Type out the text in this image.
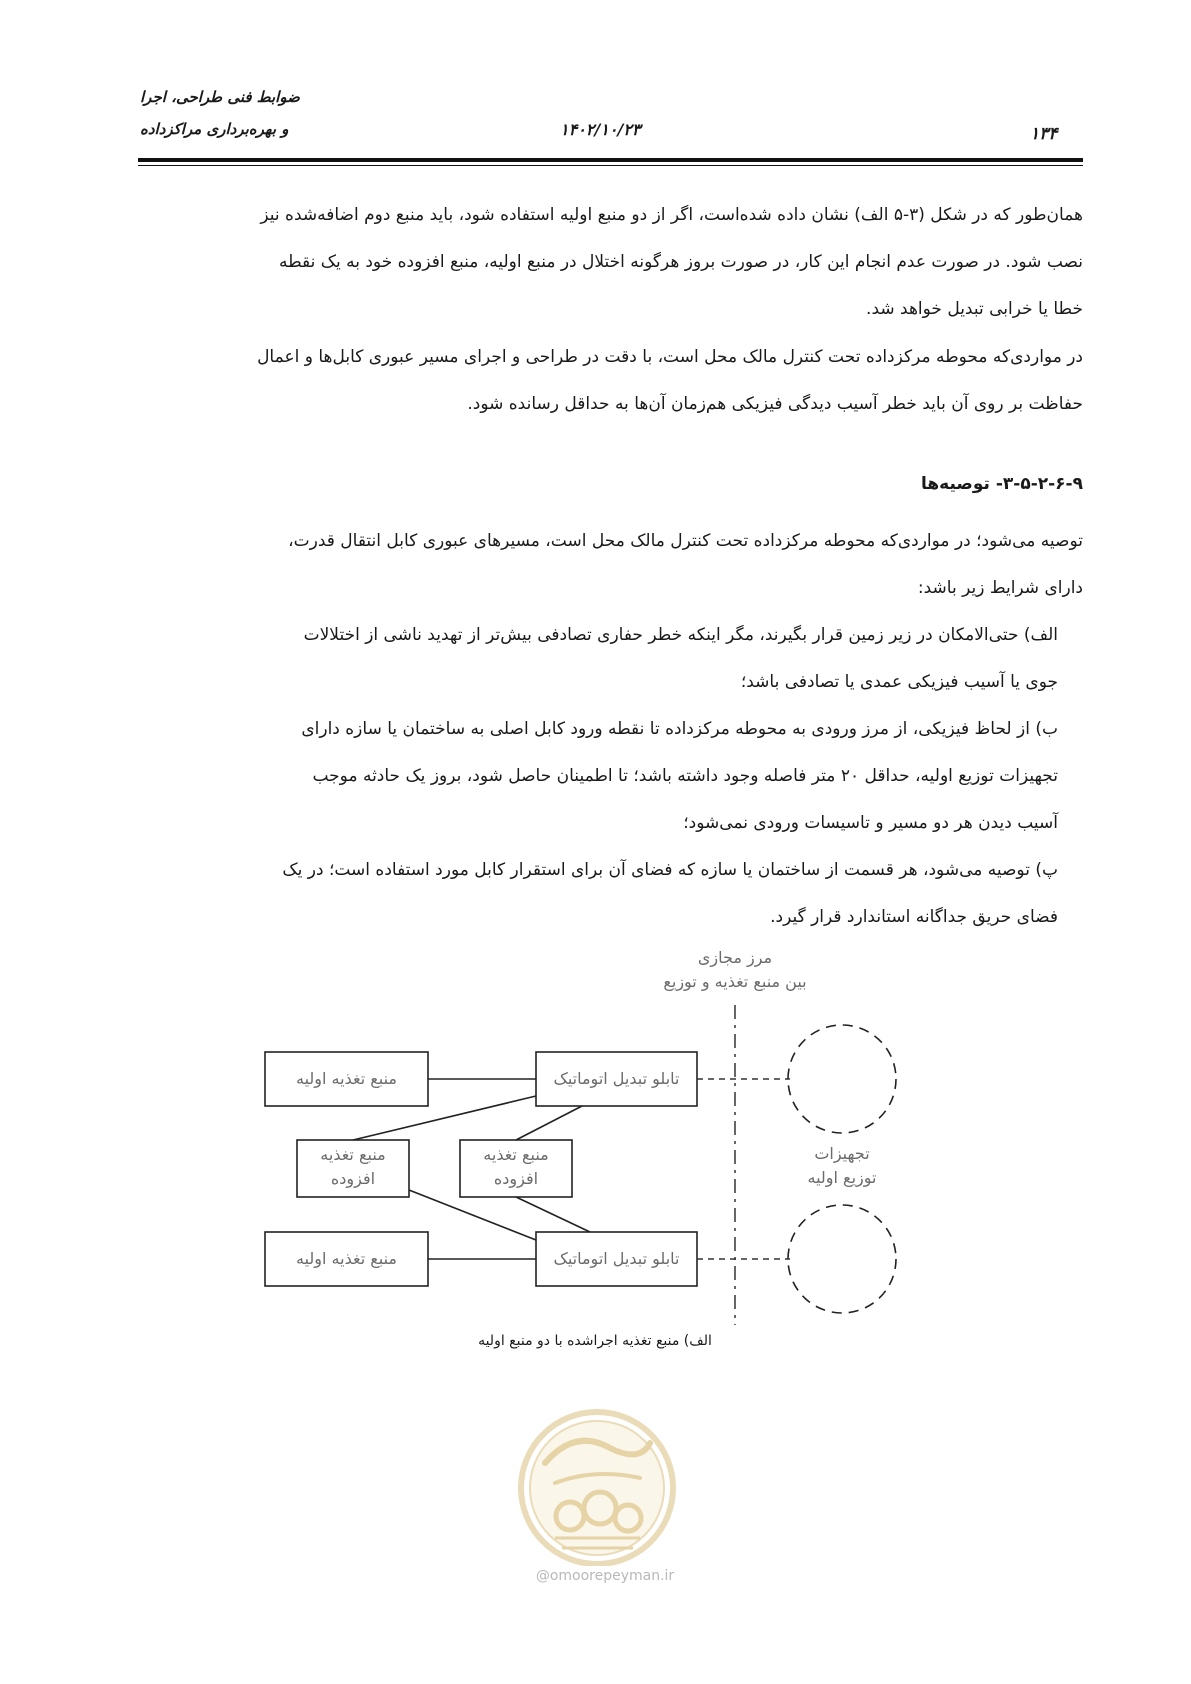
ضوابط فنی طراحی، اجرا
و بهره‌برداری مراکزداده	۱۴۰۲/۱۰/۲۳	۱۳۴
همان‌طور که در شکل (۳-۵ الف) نشان داده شده‌است، اگر از دو منبع اولیه استفاده شود، باید منبع دوم اضافه‌شده نیز
نصب شود. در صورت عدم انجام این کار، در صورت بروز هرگونه اختلال در منبع اولیه، منبع افزوده خود به یک نقطه
خطا یا خرابی تبدیل خواهد شد.
در مواردی‌که محوطه مرکزداده تحت کنترل مالک محل است، با دقت در طراحی و اجرای مسیر عبوری کابل‌ها و اعمال
حفاظت بر روی آن باید خطر آسیب دیدگی فیزیکی هم‌زمان آن‌ها به حداقل رسانده شود.
۳-۵-۲-۶-۹- توصیه‌ها
توصیه می‌شود؛ در مواردی‌که محوطه مرکزداده تحت کنترل مالک محل است، مسیرهای عبوری کابل انتقال قدرت،
دارای شرایط زیر باشد:
الف) حتی‌الامکان در زیر زمین قرار بگیرند، مگر اینکه خطر حفاری تصادفی بیش‌تر از تهدید ناشی از اختلالات
جوی یا آسیب فیزیکی عمدی یا تصادفی باشد؛
ب) از لحاظ فیزیکی، از مرز ورودی به محوطه مرکزداده تا نقطه ورود کابل اصلی به ساختمان یا سازه دارای
تجهیزات توزیع اولیه، حداقل ۲۰ متر فاصله وجود داشته باشد؛ تا اطمینان حاصل شود، بروز یک حادثه موجب
آسیب دیدن هر دو مسیر و تاسیسات ورودی نمی‌شود؛
پ) توصیه می‌شود، هر قسمت از ساختمان یا سازه که فضای آن برای استقرار کابل مورد استفاده است؛ در یک
فضای حریق جداگانه استاندارد قرار گیرد.
مرز مجازی
بین منبع تغذیه و توزیع
منبع تغذیه اولیه	تابلو تبدیل اتوماتیک
منبع تغذیه
افزوده
منبع تغذیه
افزوده
منبع تغذیه اولیه	تابلو تبدیل اتوماتیک
تجهیزات
توزیع اولیه
الف) منبع تغذیه اجراشده با دو منبع اولیه
@omoorepeyman.ir
